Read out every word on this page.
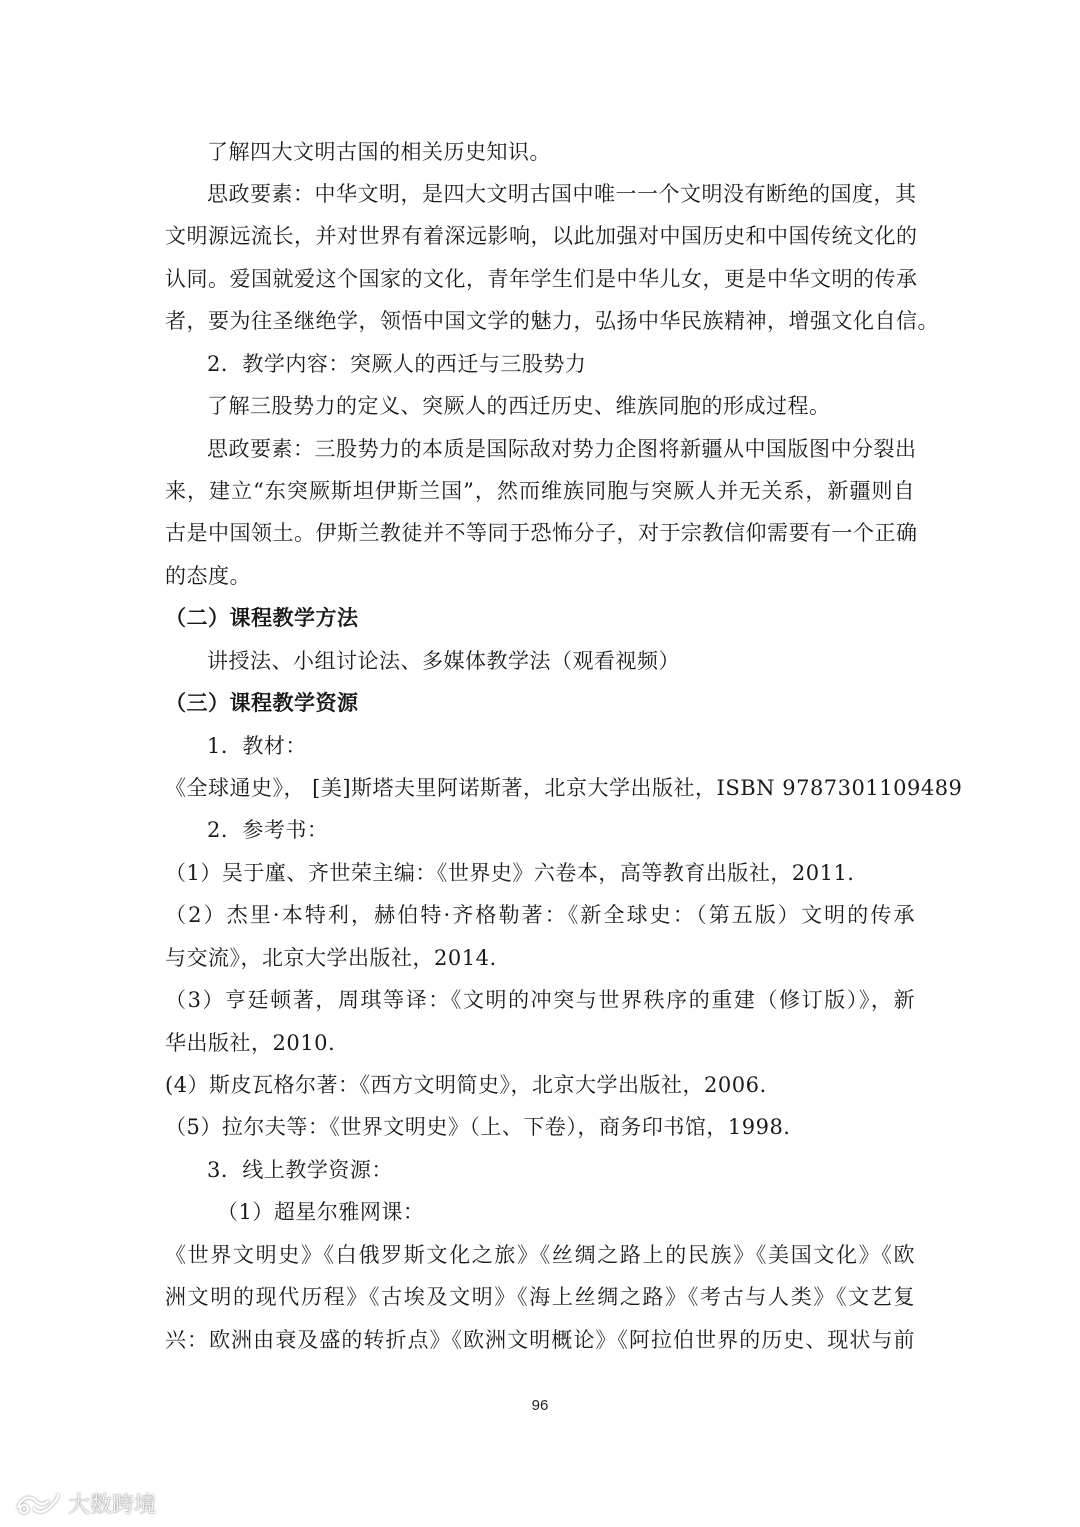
了解四大文明古国的相关历史知识。

思政要素：中华文明，是四大文明古国中唯一一个文明没有断绝的国度，其

文明源远流长，并对世界有着深远影响，以此加强对中国历史和中国传统文化的

认同。爱国就爱这个国家的文化，青年学生们是中华儿女，更是中华文明的传承

者，要为往圣继绝学，领悟中国文学的魅力，弘扬中华民族精神，增强文化自信。

2．教学内容：突厥人的西迁与三股势力

了解三股势力的定义、突厥人的西迁历史、维族同胞的形成过程。

思政要素：三股势力的本质是国际敌对势力企图将新疆从中国版图中分裂出

来，建立“东突厥斯坦伊斯兰国”，然而维族同胞与突厥人并无关系，新疆则自

古是中国领土。伊斯兰教徒并不等同于恐怖分子，对于宗教信仰需要有一个正确

的态度。

（二）课程教学方法

讲授法、小组讨论法、多媒体教学法（观看视频）

（三）课程教学资源

1．教材：

《全球通史》， [美]斯塔夫里阿诺斯著，北京大学出版社，ISBN 9787301109489

2．参考书：

（1）吴于廑、齐世荣主编：《世界史》六卷本，高等教育出版社，2011.

（2）杰里·本特利，赫伯特·齐格勒著：《新全球史：（第五版）文明的传承

与交流》，北京大学出版社，2014.

（3）亨廷顿著，周琪等译：《文明的冲突与世界秩序的重建（修订版）》，新

华出版社，2010.

(4）斯皮瓦格尔著：《西方文明简史》，北京大学出版社，2006.

（5）拉尔夫等：《世界文明史》（上、下卷），商务印书馆，1998.

3．线上教学资源：

（1）超星尔雅网课：

《世界文明史》《白俄罗斯文化之旅》《丝绸之路上的民族》《美国文化》《欧

洲文明的现代历程》《古埃及文明》《海上丝绸之路》《考古与人类》《文艺复

兴：欧洲由衰及盛的转折点》《欧洲文明概论》《阿拉伯世界的历史、现状与前

96
大数跨境
